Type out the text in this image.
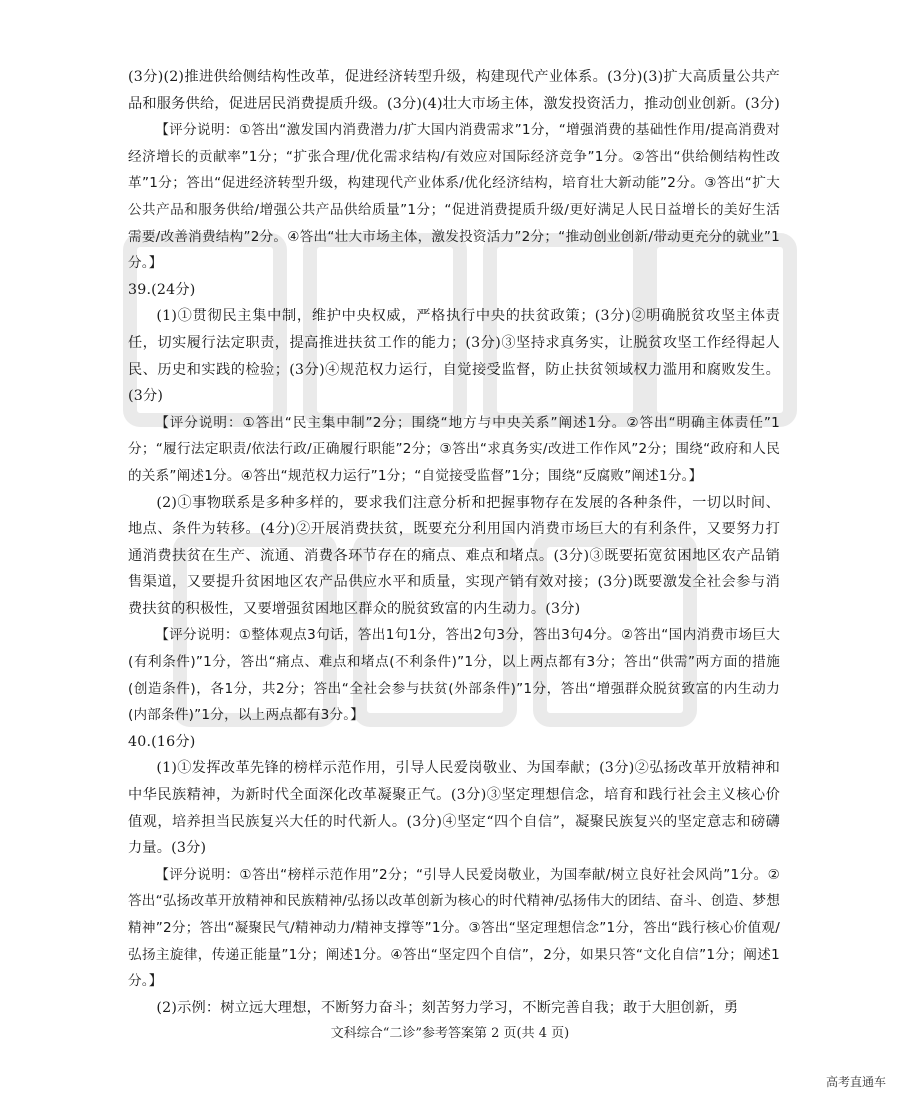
(3分)(2)推进供给侧结构性改革，促进经济转型升级，构建现代产业体系。(3分)(3)扩大高质量公共产品和服务供给，促进居民消费提质升级。(3分)(4)壮大市场主体，激发投资活力，推动创业创新。(3分)

【评分说明：①答出“激发国内消费潜力/扩大国内消费需求”1分，“增强消费的基础性作用/提高消费对经济增长的贡献率”1分；“扩张合理/优化需求结构/有效应对国际经济竞争”1分。②答出“供给侧结构性改革”1分；答出“促进经济转型升级，构建现代产业体系/优化经济结构，培育壮大新动能”2分。③答出“扩大公共产品和服务供给/增强公共产品供给质量”1分；“促进消费提质升级/更好满足人民日益增长的美好生活需要/改善消费结构”2分。④答出“壮大市场主体，激发投资活力”2分；“推动创业创新/带动更充分的就业”1分。】

39.(24分)

(1)①贯彻民主集中制，维护中央权威，严格执行中央的扶贫政策；(3分)②明确脱贫攻坚主体责任，切实履行法定职责，提高推进扶贫工作的能力；(3分)③坚持求真务实，让脱贫攻坚工作经得起人民、历史和实践的检验；(3分)④规范权力运行，自觉接受监督，防止扶贫领域权力滥用和腐败发生。(3分)

【评分说明：①答出“民主集中制”2分；围绕“地方与中央关系”阐述1分。②答出“明确主体责任”1分；“履行法定职责/依法行政/正确履行职能”2分；③答出“求真务实/改进工作作风”2分；围绕“政府和人民的关系”阐述1分。④答出“规范权力运行”1分；“自觉接受监督”1分；围绕“反腐败”阐述1分。】

(2)①事物联系是多种多样的，要求我们注意分析和把握事物存在发展的各种条件，一切以时间、地点、条件为转移。(4分)②开展消费扶贫，既要充分利用国内消费市场巨大的有利条件，又要努力打通消费扶贫在生产、流通、消费各环节存在的痛点、难点和堵点。(3分)③既要拓宽贫困地区农产品销售渠道，又要提升贫困地区农产品供应水平和质量，实现产销有效对接；(3分)既要激发全社会参与消费扶贫的积极性，又要增强贫困地区群众的脱贫致富的内生动力。(3分)

【评分说明：①整体观点3句话，答出1句1分，答出2句3分，答出3句4分。②答出“国内消费市场巨大(有利条件)”1分，答出“痛点、难点和堵点(不利条件)”1分，以上两点都有3分；答出“供需”两方面的措施(创造条件)，各1分，共2分；答出“全社会参与扶贫(外部条件)”1分，答出“增强群众脱贫致富的内生动力(内部条件)”1分，以上两点都有3分。】

40.(16分)

(1)①发挥改革先锋的榜样示范作用，引导人民爱岗敬业、为国奉献；(3分)②弘扬改革开放精神和中华民族精神，为新时代全面深化改革凝聚正气。(3分)③坚定理想信念，培育和践行社会主义核心价值观，培养担当民族复兴大任的时代新人。(3分)④坚定“四个自信”，凝聚民族复兴的坚定意志和磅礴力量。(3分)

【评分说明：①答出“榜样示范作用”2分；“引导人民爱岗敬业，为国奉献/树立良好社会风尚”1分。②答出“弘扬改革开放精神和民族精神/弘扬以改革创新为核心的时代精神/弘扬伟大的团结、奋斗、创造、梦想精神”2分；答出“凝聚民气/精神动力/精神支撑等”1分。③答出“坚定理想信念”1分，答出“践行核心价值观/弘扬主旋律，传递正能量”1分；阐述1分。④答出“坚定四个自信”，2分，如果只答“文化自信”1分；阐述1分。】

(2)示例：树立远大理想，不断努力奋斗；刻苦努力学习，不断完善自我；敢于大胆创新，勇

文科综合“二诊”参考答案第 2 页(共 4 页)
高考直通车
